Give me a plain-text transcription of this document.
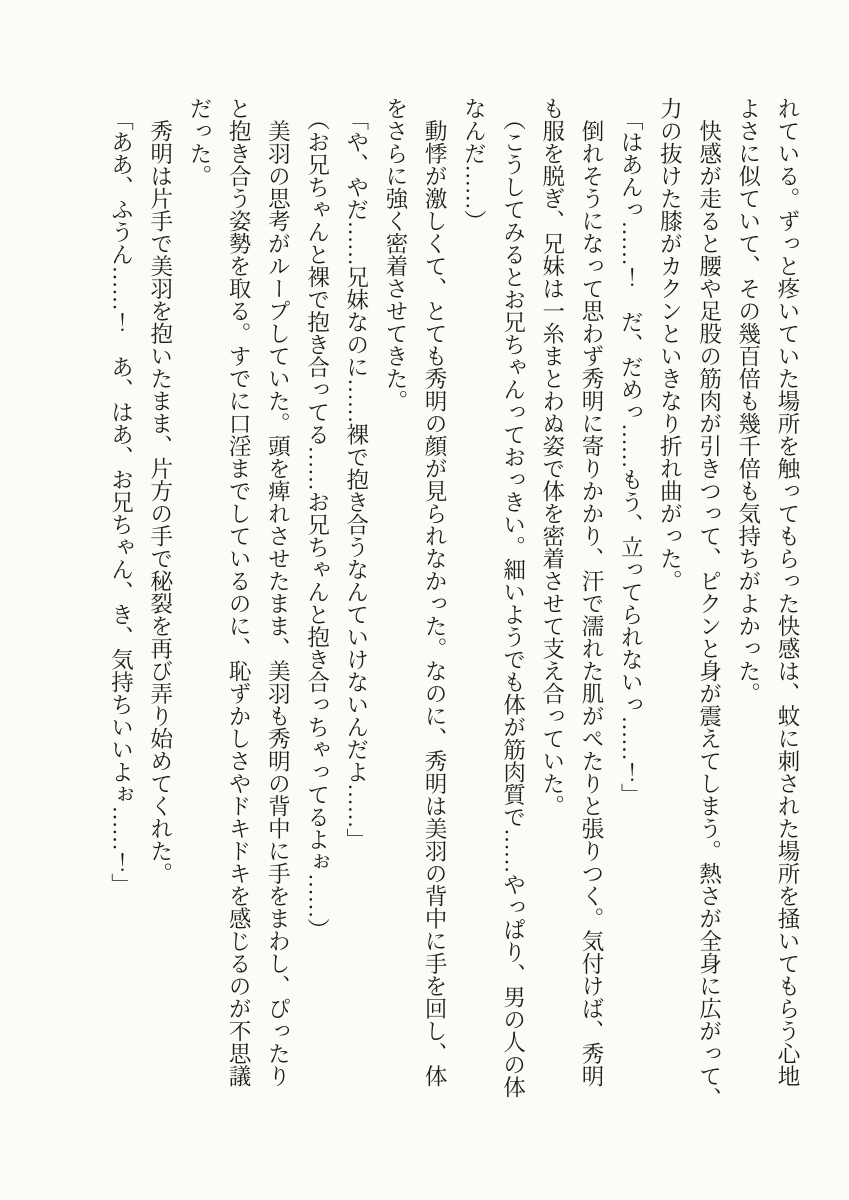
れている。ずっと疼いていた場所を触ってもらった快感は、蚊に刺された場所を掻いてもらう心地
よさに似ていて、その幾百倍も幾千倍も気持ちがよかった。
　快感が走ると腰や足股の筋肉が引きつって、ピクンと身が震えてしまう。熱さが全身に広がって、
力の抜けた膝がカクンといきなり折れ曲がった。
　「はあんっ……！　だ、だめっ……もう、立ってられないっ……！」
　倒れそうになって思わず秀明に寄りかかり、汗で濡れた肌がぺたりと張りつく。気付けば、秀明
も服を脱ぎ、兄妹は一糸まとわぬ姿で体を密着させて支え合っていた。
　（こうしてみるとお兄ちゃんっておっきい。細いようでも体が筋肉質で……やっぱり、男の人の体
なんだ……）
　動悸が激しくて、とても秀明の顔が見られなかった。なのに、秀明は美羽の背中に手を回し、体
をさらに強く密着させてきた。
　「や、やだ……兄妹なのに……裸で抱き合うなんていけないんだよ……」
　（お兄ちゃんと裸で抱き合ってる……お兄ちゃんと抱き合っちゃってるよぉ……）
　美羽の思考がループしていた。頭を痺れさせたまま、美羽も秀明の背中に手をまわし、ぴったり
と抱き合う姿勢を取る。すでに口淫までしているのに、恥ずかしさやドキドキを感じるのが不思議
だった。
　秀明は片手で美羽を抱いたまま、片方の手で秘裂を再び弄り始めてくれた。
　「ああ、ふうん……！　あ、はあ、お兄ちゃん、き、気持ちいいよぉ……！」
